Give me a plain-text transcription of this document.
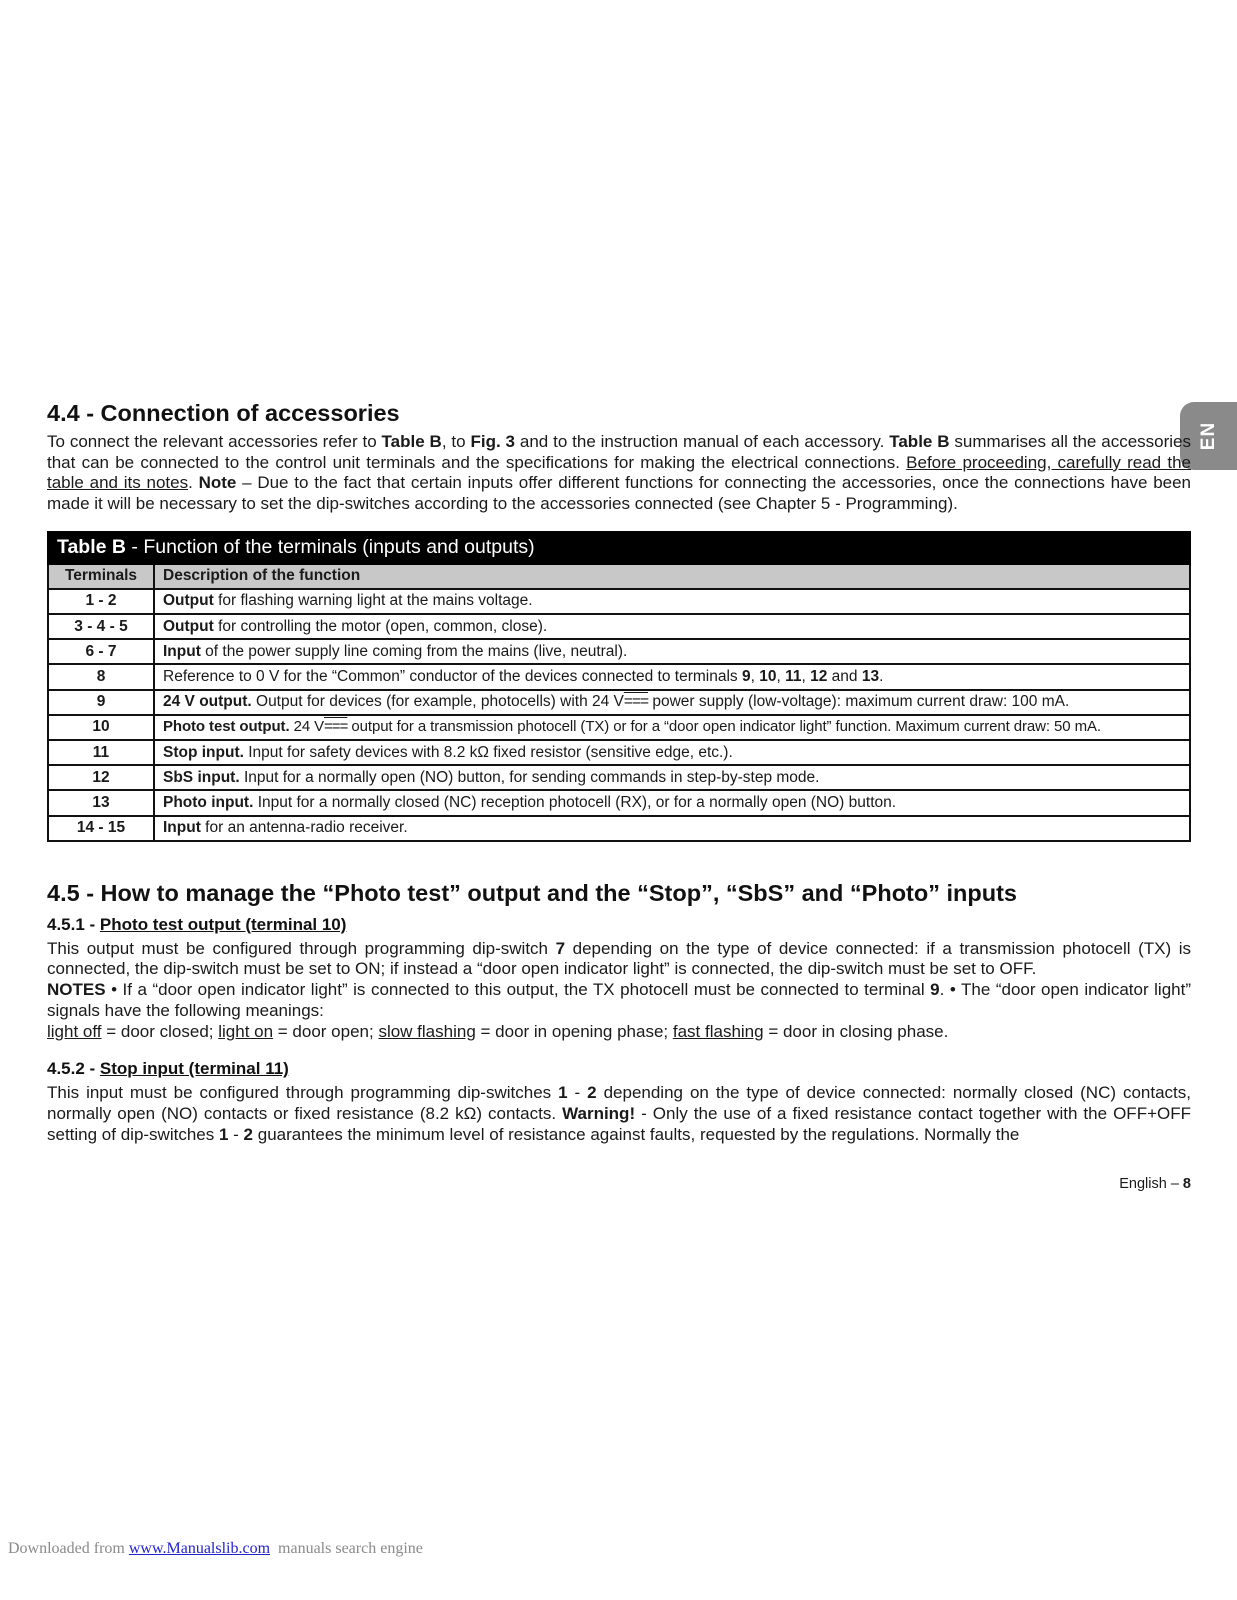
EN
4.4 - Connection of accessories

To connect the relevant accessories refer to Table B, to Fig. 3 and to the instruction manual of each accessory. Table B summarises all the accessories that can be connected to the control unit terminals and the specifications for making the electrical connections. Before proceeding, carefully read the table and its notes. Note – Due to the fact that certain inputs offer different functions for connecting the accessories, once the connections have been made it will be necessary to set the dip-switches according to the accessories connected (see Chapter 5 - Programming).

Table B - Function of the terminals (inputs and outputs)	
Terminals	Description of the function
1 - 2	Output for flashing warning light at the mains voltage.
3 - 4 - 5	Output for controlling the motor (open, common, close).
6 - 7	Input of the power supply line coming from the mains (live, neutral).
8	Reference to 0 V for the “Common” conductor of the devices connected to terminals 9, 10, 11, 12 and 13.
9	24 V output. Output for devices (for example, photocells) with 24 V=== power supply (low-voltage): maximum current draw: 100 mA.
10	Photo test output. 24 V=== output for a transmission photocell (TX) or for a “door open indicator light” function. Maximum current draw: 50 mA.
11	Stop input. Input for safety devices with 8.2 kΩ fixed resistor (sensitive edge, etc.).
12	SbS input. Input for a normally open (NO) button, for sending commands in step-by-step mode.
13	Photo input. Input for a normally closed (NC) reception photocell (RX), or for a normally open (NO) button.
14 - 15	Input for an antenna-radio receiver.
4.5 - How to manage the “Photo test” output and the “Stop”, “SbS” and “Photo” inputs
4.5.1 - Photo test output (terminal 10)

This output must be configured through programming dip-switch 7 depending on the type of device connected: if a transmission photocell (TX) is connected, the dip-switch must be set to ON; if instead a “door open indicator light” is connected, the dip-switch must be set to OFF.
NOTES • If a “door open indicator light” is connected to this output, the TX photocell must be connected to terminal 9. • The “door open indicator light” signals have the following meanings:
light off = door closed; light on = door open; slow flashing = door in opening phase; fast flashing = door in closing phase.

4.5.2 - Stop input (terminal 11)

This input must be configured through programming dip-switches 1 - 2 depending on the type of device connected: normally closed (NC) contacts, normally open (NO) contacts or fixed resistance (8.2 kΩ) contacts. Warning! - Only the use of a fixed resistance contact together with the OFF+OFF setting of dip-switches 1 - 2 guarantees the minimum level of resistance against faults, requested by the regulations. Normally the

English – 8
Downloaded from www.Manualslib.com  manuals search engine
